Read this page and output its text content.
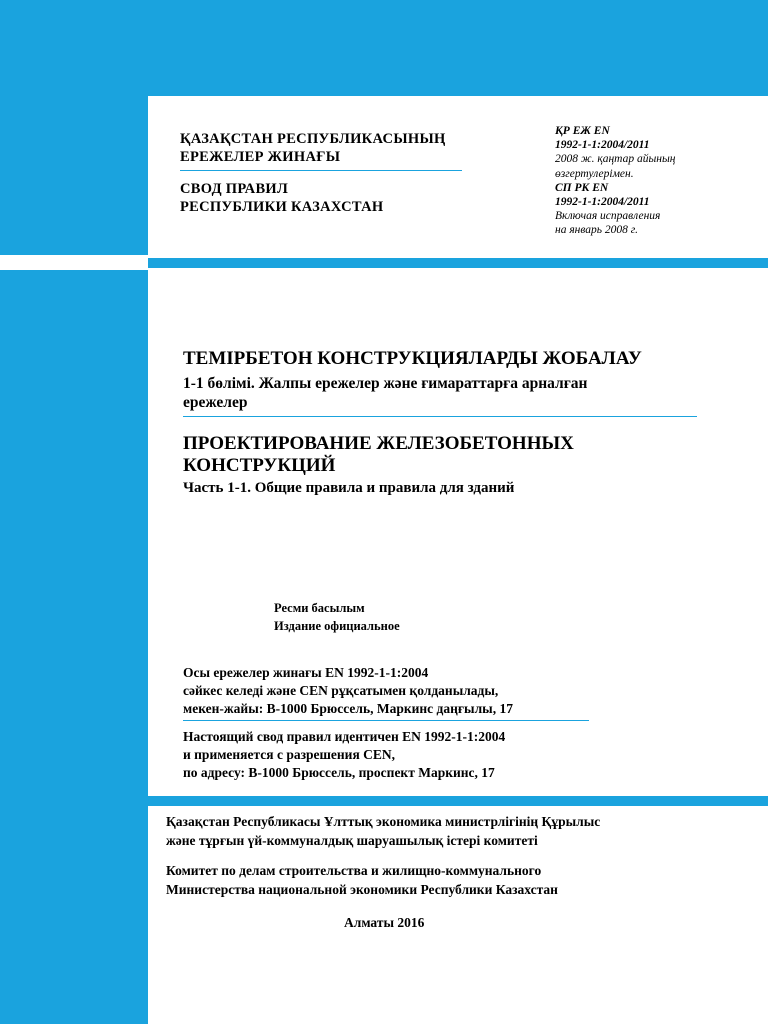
ҚАЗАҚСТАН РЕСПУБЛИКАСЫНЫҢ
ЕРЕЖЕЛЕР ЖИНАҒЫ
СВОД ПРАВИЛ
РЕСПУБЛИКИ КАЗАХСТАН
ҚР ЕЖ EN
1992-1-1:2004/2011
2008 ж. қаңтар айының
өзгертулерімен.
СП РК EN
1992-1-1:2004/2011
Включая исправления
на январь 2008 г.
ТЕМІРБЕТОН КОНСТРУКЦИЯЛАРДЫ ЖОБАЛАУ
1-1 бөлімі. Жалпы ережелер және ғимараттарға арналған
ережелер
ПРОЕКТИРОВАНИЕ ЖЕЛЕЗОБЕТОННЫХ
КОНСТРУКЦИЙ
Часть 1-1. Общие правила и правила для зданий
Ресми басылым
Издание официальное
Осы ережелер жинағы EN 1992-1-1:2004
сәйкес келеді және CEN рұқсатымен қолданылады,
мекен-жайы: B-1000 Брюссель, Маркинс даңғылы, 17
Настоящий свод правил идентичен EN 1992-1-1:2004
и применяется с разрешения CEN,
по адресу: B-1000 Брюссель, проспект Маркинс, 17
Қазақстан Республикасы Ұлттық экономика министрлігінің Құрылыс
және тұрғын үй-коммуналдық шаруашылық істері комитеті
Комитет по делам строительства и жилищно-коммунального
Министерства национальной экономики Республики Казахстан
Алматы 2016
